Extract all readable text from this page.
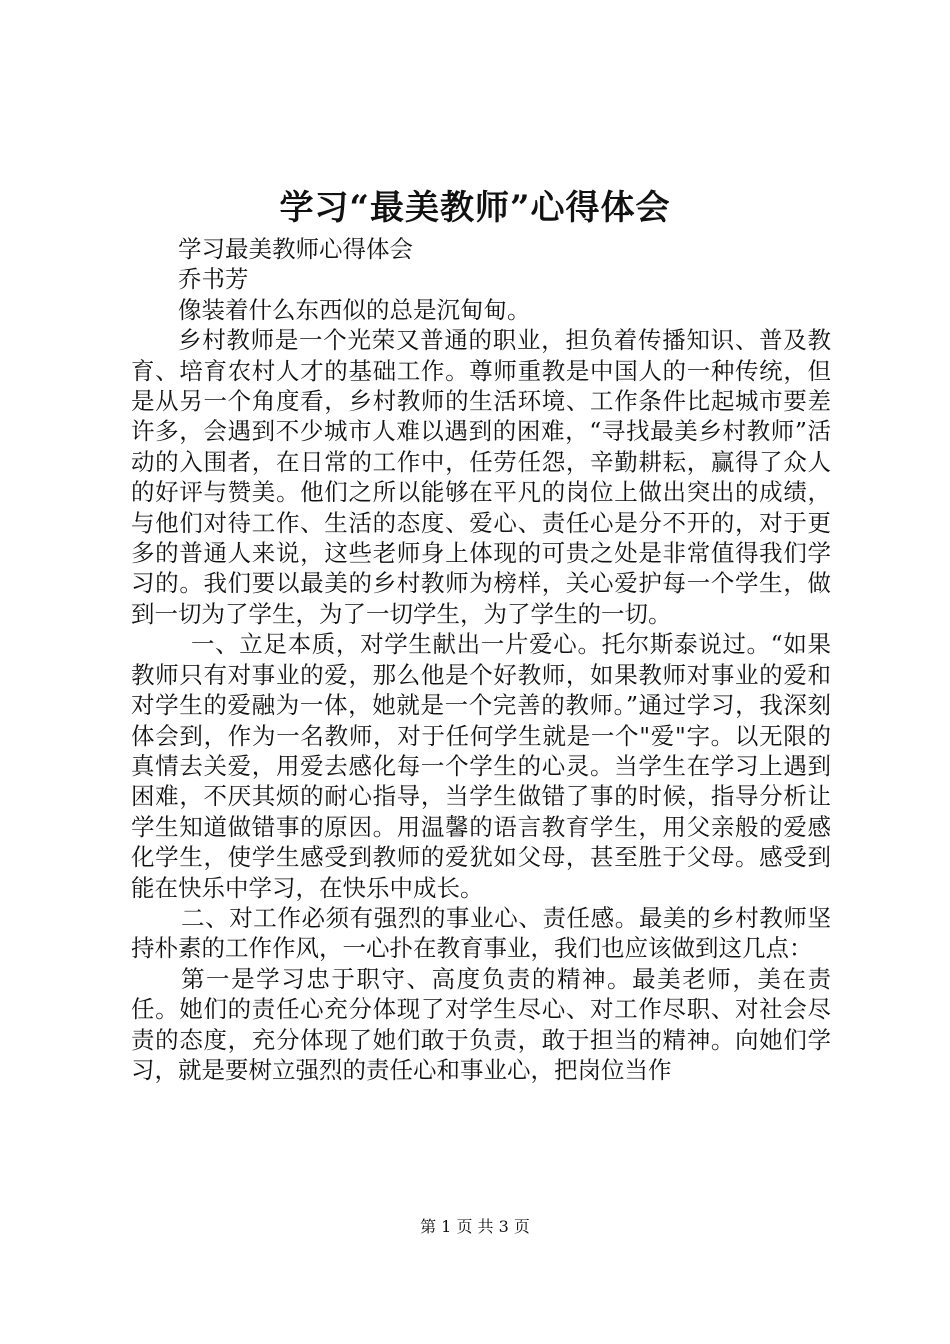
学习“最美教师”心得体会

学习最美教师心得体会

乔书芳

像装着什么东西似的总是沉甸甸。

乡村教师是一个光荣又普通的职业，担负着传播知识、普及教育、培育农村人才的基础工作。尊师重教是中国人的一种传统，但是从另一个角度看，乡村教师的生活环境、工作条件比起城市要差许多，会遇到不少城市人难以遇到的困难，“寻找最美乡村教师”活动的入围者，在日常的工作中，任劳任怨，辛勤耕耘，赢得了众人的好评与赞美。他们之所以能够在平凡的岗位上做出突出的成绩，与他们对待工作、生活的态度、爱心、责任心是分不开的，对于更多的普通人来说，这些老师身上体现的可贵之处是非常值得我们学习的。我们要以最美的乡村教师为榜样，关心爱护每一个学生，做到一切为了学生，为了一切学生，为了学生的一切。

一、立足本质，对学生献出一片爱心。托尔斯泰说过。“如果教师只有对事业的爱，那么他是个好教师，如果教师对事业的爱和对学生的爱融为一体，她就是一个完善的教师。”通过学习，我深刻体会到，作为一名教师，对于任何学生就是一个"爱"字。以无限的真情去关爱，用爱去感化每一个学生的心灵。当学生在学习上遇到困难，不厌其烦的耐心指导，当学生做错了事的时候，指导分析让学生知道做错事的原因。用温馨的语言教育学生，用父亲般的爱感化学生，使学生感受到教师的爱犹如父母，甚至胜于父母。感受到能在快乐中学习，在快乐中成长。

二、对工作必须有强烈的事业心、责任感。最美的乡村教师坚持朴素的工作作风，一心扑在教育事业，我们也应该做到这几点：

第一是学习忠于职守、高度负责的精神。最美老师，美在责任。她们的责任心充分体现了对学生尽心、对工作尽职、对社会尽责的态度，充分体现了她们敢于负责，敢于担当的精神。向她们学习，就是要树立强烈的责任心和事业心，把岗位当作

第 1 页 共 3 页
